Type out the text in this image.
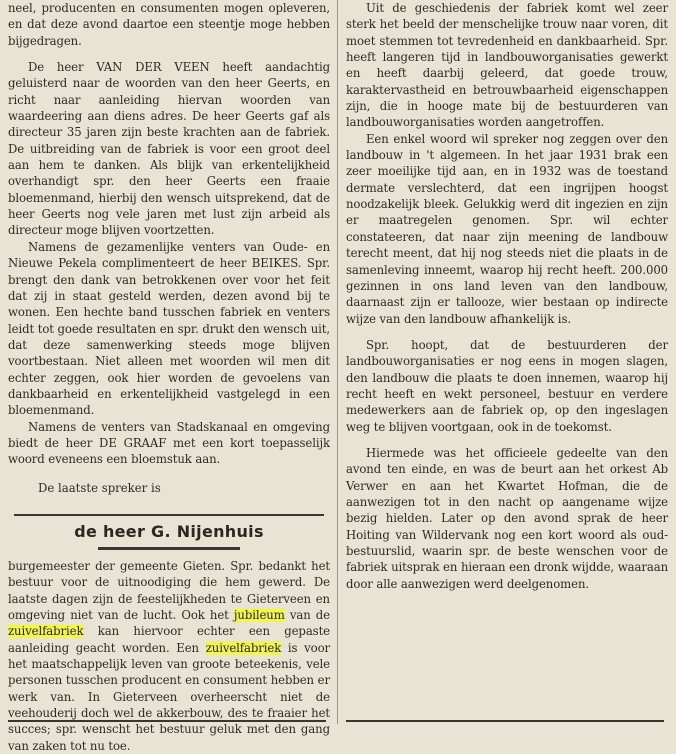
neel, producenten en consumenten mogen opleveren, en dat deze avond daartoe een steentje moge hebben bijgedragen.

De heer VAN DER VEEN heeft aandachtig geluisterd naar de woorden van den heer Geerts, en richt naar aanleiding hiervan woorden van waardeering aan diens adres. De heer Geerts gaf als directeur 35 jaren zijn beste krachten aan de fabriek. De uitbreiding van de fabriek is voor een groot deel aan hem te danken. Als blijk van erkentelijkheid overhandigt spr. den heer Geerts een fraaie bloemenmand, hierbij den wensch uitsprekend, dat de heer Geerts nog vele jaren met lust zijn arbeid als directeur moge blijven voortzetten.

Namens de gezamenlijke venters van Oude- en Nieuwe Pekela complimenteert de heer BEIKES. Spr. brengt den dank van betrokkenen over voor het feit dat zij in staat gesteld werden, dezen avond bij te wonen. Een hechte band tusschen fabriek en venters leidt tot goede resultaten en spr. drukt den wensch uit, dat deze samenwerking steeds moge blijven voortbestaan. Niet alleen met woorden wil men dit echter zeggen, ook hier worden de gevoelens van dankbaarheid en erkentelijkheid vastgelegd in een bloemenmand.

Namens de venters van Stadskanaal en omgeving biedt de heer DE GRAAF met een kort toepasselijk woord eveneens een bloemstuk aan.

De laatste spreker is

de heer G. Nijenhuis

burgemeester der gemeente Gieten. Spr. bedankt het bestuur voor de uitnoodiging die hem gewerd. De laatste dagen zijn de feestelijkheden te Gieterveen en omgeving niet van de lucht. Ook het jubileum van de zuivelfabriek kan hiervoor echter een gepaste aanleiding geacht worden. Een zuivelfabriek is voor het maatschappelijk leven van groote beteekenis, vele personen tusschen producent en consument hebben er werk van. In Gieterveen overheerscht niet de veehouderij doch wel de akkerbouw, des te fraaier het succes; spr. wenscht het bestuur geluk met den gang van zaken tot nu toe.

Uit de geschiedenis der fabriek komt wel zeer sterk het beeld der menschelijke trouw naar voren, dit moet stemmen tot tevredenheid en dankbaarheid. Spr. heeft langeren tijd in landbouworganisaties gewerkt en heeft daarbij geleerd, dat goede trouw, karaktervastheid en betrouwbaarheid eigenschappen zijn, die in hooge mate bij de bestuurderen van landbouworganisaties worden aangetroffen.

Een enkel woord wil spreker nog zeggen over den landbouw in 't algemeen. In het jaar 1931 brak een zeer moeilijke tijd aan, en in 1932 was de toestand dermate verslechterd, dat een ingrijpen hoogst noodzakelijk bleek. Gelukkig werd dit ingezien en zijn er maatregelen genomen. Spr. wil echter constateeren, dat naar zijn meening de landbouw terecht meent, dat hij nog steeds niet die plaats in de samenleving inneemt, waarop hij recht heeft. 200.000 gezinnen in ons land leven van den landbouw, daarnaast zijn er tallooze, wier bestaan op indirecte wijze van den landbouw afhankelijk is.

Spr. hoopt, dat de bestuurderen der landbouworganisaties er nog eens in mogen slagen, den landbouw die plaats te doen innemen, waarop hij recht heeft en wekt personeel, bestuur en verdere medewerkers aan de fabriek op, op den ingeslagen weg te blijven voortgaan, ook in de toekomst.

Hiermede was het officieele gedeelte van den avond ten einde, en was de beurt aan het orkest Ab Verwer en aan het Kwartet Hofman, die de aanwezigen tot in den nacht op aangename wijze bezig hielden. Later op den avond sprak de heer Hoiting van Wildervank nog een kort woord als oud-bestuurslid, waarin spr. de beste wenschen voor de fabriek uitsprak en hieraan een dronk wijdde, waaraan door alle aanwezigen werd deelgenomen.
